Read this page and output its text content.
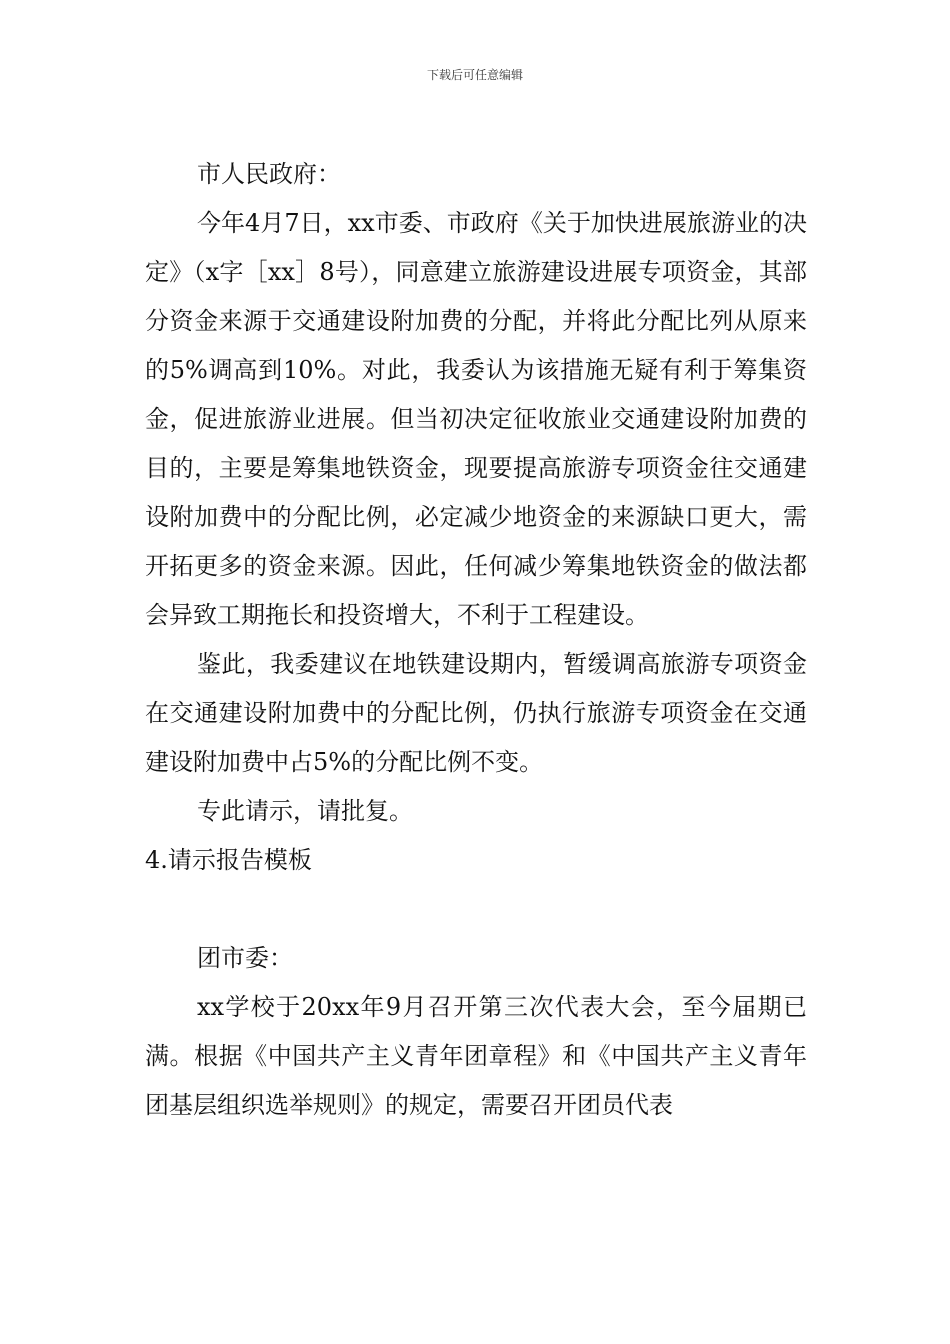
下载后可任意编辑

市人民政府：

今年4月7日，xx市委、市政府《关于加快进展旅游业的决定》（x字［xx］8号），同意建立旅游建设进展专项资金，其部分资金来源于交通建设附加费的分配，并将此分配比列从原来的5%调高到10%。对此，我委认为该措施无疑有利于筹集资金，促进旅游业进展。但当初决定征收旅业交通建设附加费的目的，主要是筹集地铁资金，现要提高旅游专项资金往交通建设附加费中的分配比例，必定减少地资金的来源缺口更大，需开拓更多的资金来源。因此，任何减少筹集地铁资金的做法都会异致工期拖长和投资增大，不利于工程建设。

鉴此，我委建议在地铁建设期内，暂缓调高旅游专项资金在交通建设附加费中的分配比例，仍执行旅游专项资金在交通建设附加费中占5%的分配比例不变。

专此请示，请批复。

4.请示报告模板

团市委：

xx学校于20xx年9月召开第三次代表大会，至今届期已满。根据《中国共产主义青年团章程》和《中国共产主义青年团基层组织选举规则》的规定，需要召开团员代表
